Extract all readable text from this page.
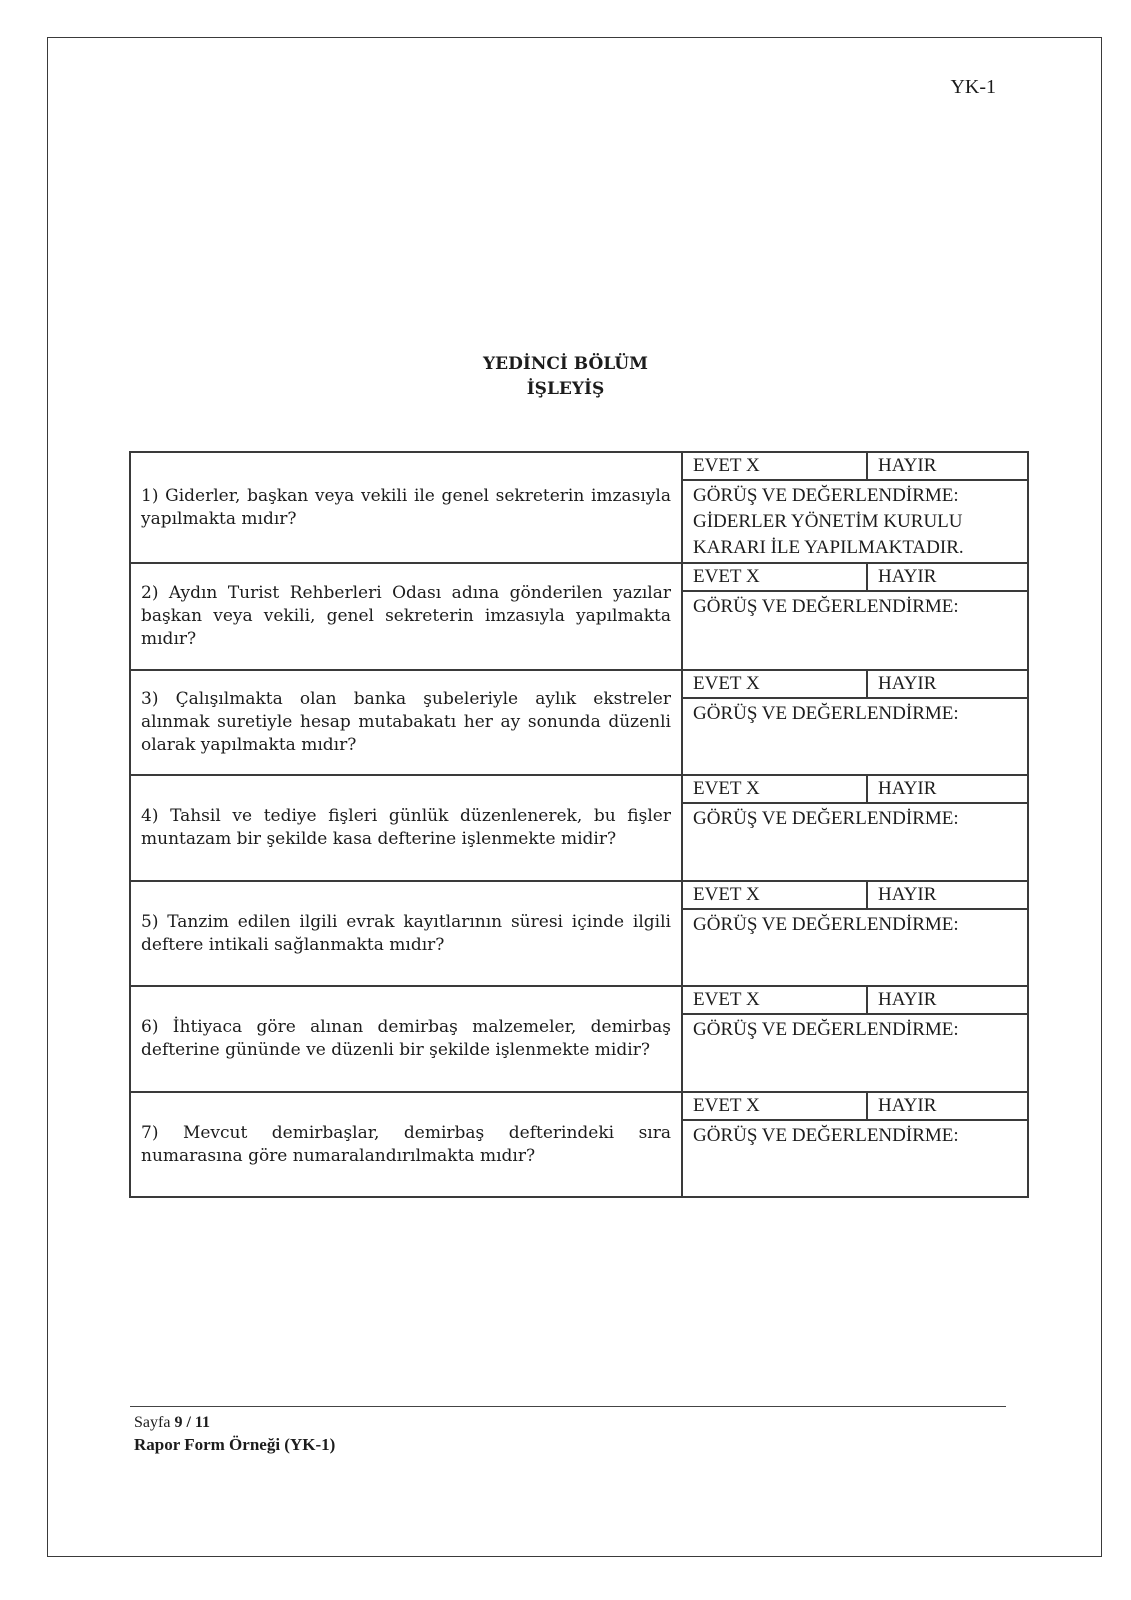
YK-1
YEDİNCİ BÖLÜM
İŞLEYİŞ
1) Giderler, başkan veya vekili ile genel sekreterin imzasıyla yapılmakta mıdır?	EVET X HAYIR
GÖRÜŞ VE DEĞERLENDİRME:
GİDERLER YÖNETİM KURULU KARARI İLE YAPILMAKTADIR.

2) Aydın Turist Rehberleri Odası adına gönderilen yazılar başkan veya vekili, genel sekreterin imzasıyla yapılmakta mıdır?	EVET X HAYIR
GÖRÜŞ VE DEĞERLENDİRME:

3) Çalışılmakta olan banka şubeleriyle aylık ekstreler alınmak suretiyle hesap mutabakatı her ay sonunda düzenli olarak yapılmakta mıdır?	EVET X HAYIR
GÖRÜŞ VE DEĞERLENDİRME:

4) Tahsil ve tediye fişleri günlük düzenlenerek, bu fişler muntazam bir şekilde kasa defterine işlenmekte midir?	EVET X HAYIR
GÖRÜŞ VE DEĞERLENDİRME:

5) Tanzim edilen ilgili evrak kayıtlarının süresi içinde ilgili deftere intikali sağlanmakta mıdır?	EVET X HAYIR
GÖRÜŞ VE DEĞERLENDİRME:

6) İhtiyaca göre alınan demirbaş malzemeler, demirbaş defterine gününde ve düzenli bir şekilde işlenmekte midir?	EVET X HAYIR
GÖRÜŞ VE DEĞERLENDİRME:

7) Mevcut demirbaşlar, demirbaş defterindeki sıra numarasına göre numaralandırılmakta mıdır?	EVET X HAYIR
GÖRÜŞ VE DEĞERLENDİRME:
Sayfa 9 / 11
Rapor Form Örneği (YK-1)
